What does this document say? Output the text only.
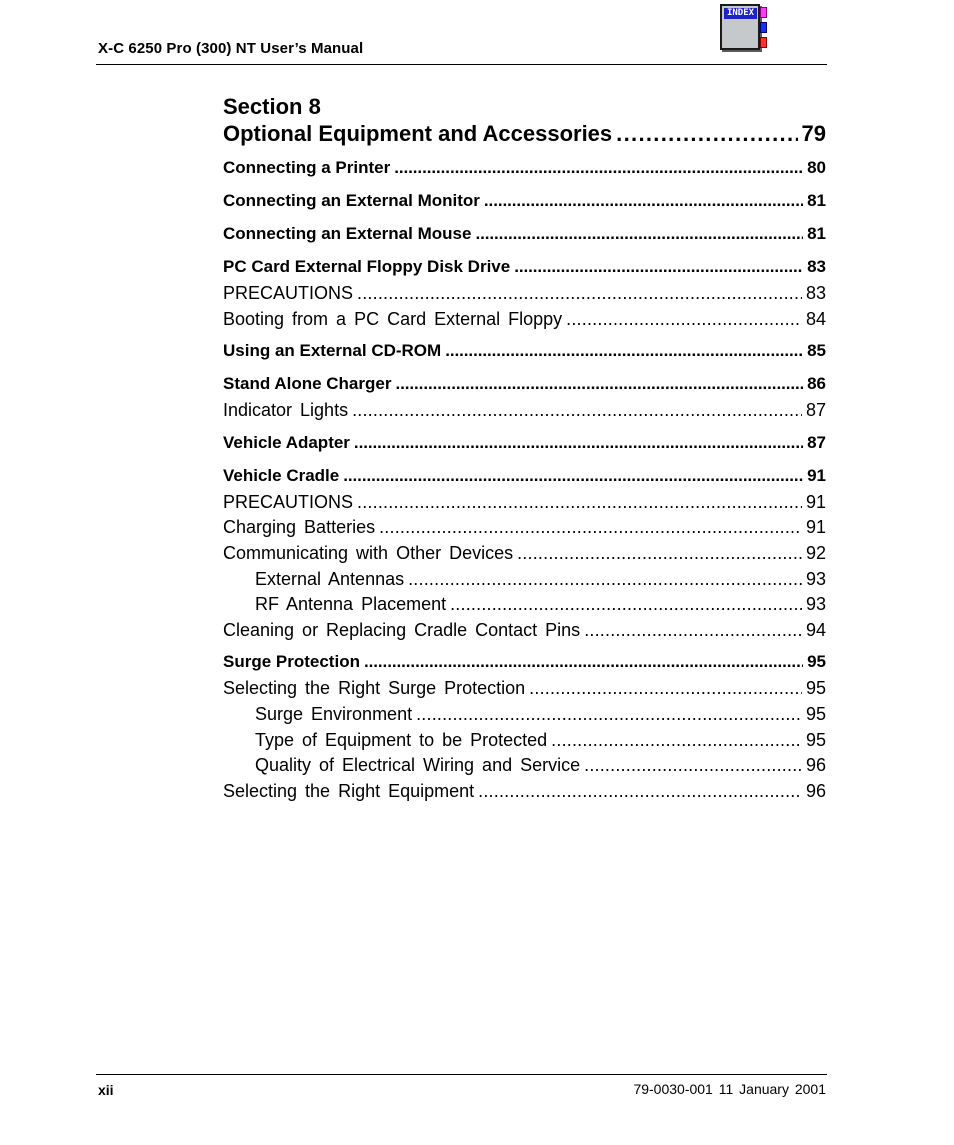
X-C 6250 Pro (300) NT User’s Manual
INDEX
Section 8
Optional Equipment and Accessories . . .	79
Connecting a Printer . . .	80
Connecting an External Monitor . . .	81
Connecting an External Mouse . . .	81
PC Card External Floppy Disk Drive . . .	83
PRECAUTIONS . . .	83
Booting from a PC Card External Floppy . . .	84
Using an External CD-ROM . . .	85
Stand Alone Charger . . .	86
Indicator Lights . . .	87
Vehicle Adapter . . .	87
Vehicle Cradle . . .	91
PRECAUTIONS . . .	91
Charging Batteries . . .	91
Communicating with Other Devices . . .	92
External Antennas . . .	93
RF Antenna Placement . . .	93
Cleaning or Replacing Cradle Contact Pins . . .	94
Surge Protection . . .	95
Selecting the Right Surge Protection . . .	95
Surge Environment . . .	95
Type of Equipment to be Protected . . .	95
Quality of Electrical Wiring and Service . . .	96
Selecting the Right Equipment . . .	96
xii	79-0030-001 11 January 2001
